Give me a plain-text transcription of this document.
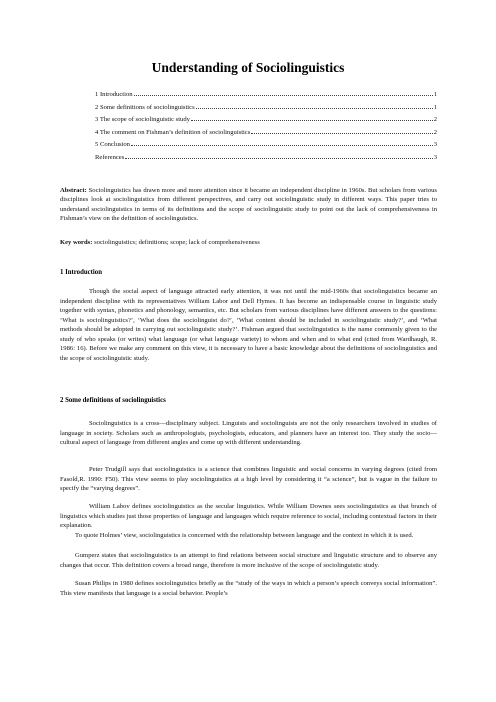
Understanding of Sociolinguistics
1 Introduction	1
2 Some definitions of sociolinguistics	1
3 The scope of sociolinguistic study	2
4 The comment on Fishman’s definition of sociolinguistics	2
5 Conclusion	3
References	3
Abstract: Sociolinguistics has drawn more and more attention since it became an independent discipline in 1960s. But scholars from various disciplines look at sociolinguistics from different perspectives, and carry out sociolinguistic study in different ways. This paper tries to understand sociolinguistics in terms of its definitions and the scope of sociolinguistic study to point out the lack of comprehensiveness in Fishman’s view on the definition of sociolinguistics.
Key words: sociolinguistics; definitions; scope; lack of comprehensiveness
1 Introduction
Though the social aspect of language attracted early attention, it was not until the mid-1960s that sociolinguistics became an independent discipline with its representatives William Labor and Dell Hymes. It has become an indispensable course in linguistic study together with syntax, phonetics and phonology, semantics, etc. But scholars from various disciplines have different answers to the questions: ‘What is sociolinguistics?’, ‘What does the sociolinguist do?’, ‘What content should be included in sociolinguistic study?’, and ‘What methods should be adopted in carrying out sociolinguistic study?’. Fishman argued that sociolinguistics is the name commonly given to the study of who speaks (or writes) what language (or what language variety) to whom and when and to what end (cited from Wardhaugh, R. 1986: 16). Before we make any comment on this view, it is necessary to have a basic knowledge about the definitions of sociolinguistics and the scope of sociolinguistic study.
2 Some definitions of sociolinguistics
Sociolinguistics is a cross—disciplinary subject. Linguists and sociolinguists are not the only researchers involved in studies of language in society. Scholars such as anthropologists, psychologists, educators, and planners have an interest too. They study the socio—cultural aspect of language from different angles and come up with different understanding.
Peter Trudgill says that sociolinguistics is a science that combines linguistic and social concerns in varying degrees (cited from Fasold,R. 1990: F50). This view seems to play sociolinguistics at a high level by considering it “a science”, but is vague in the failure to specify the “varying degrees”.
William Labov defines sociolinguistics as the secular linguistics. While William Downes sees sociolinguistics as that branch of linguistics which studies just those properties of language and languages which require reference to social, including contextual factors in their explanation.
To quote Holmes’ view, sociolinguistics is concerned with the relationship between language and the context in which it is used.
Gumperz states that sociolinguistics is an attempt to find relations between social structure and linguistic structure and to observe any changes that occur. This definition covers a broad range, therefore is more inclusive of the scope of sociolinguistic study.
Susan Philips in 1980 defines sociolinguistics briefly as the “study of the ways in which a person’s speech conveys social information”. This view manifests that language is a social behavior. People’s
